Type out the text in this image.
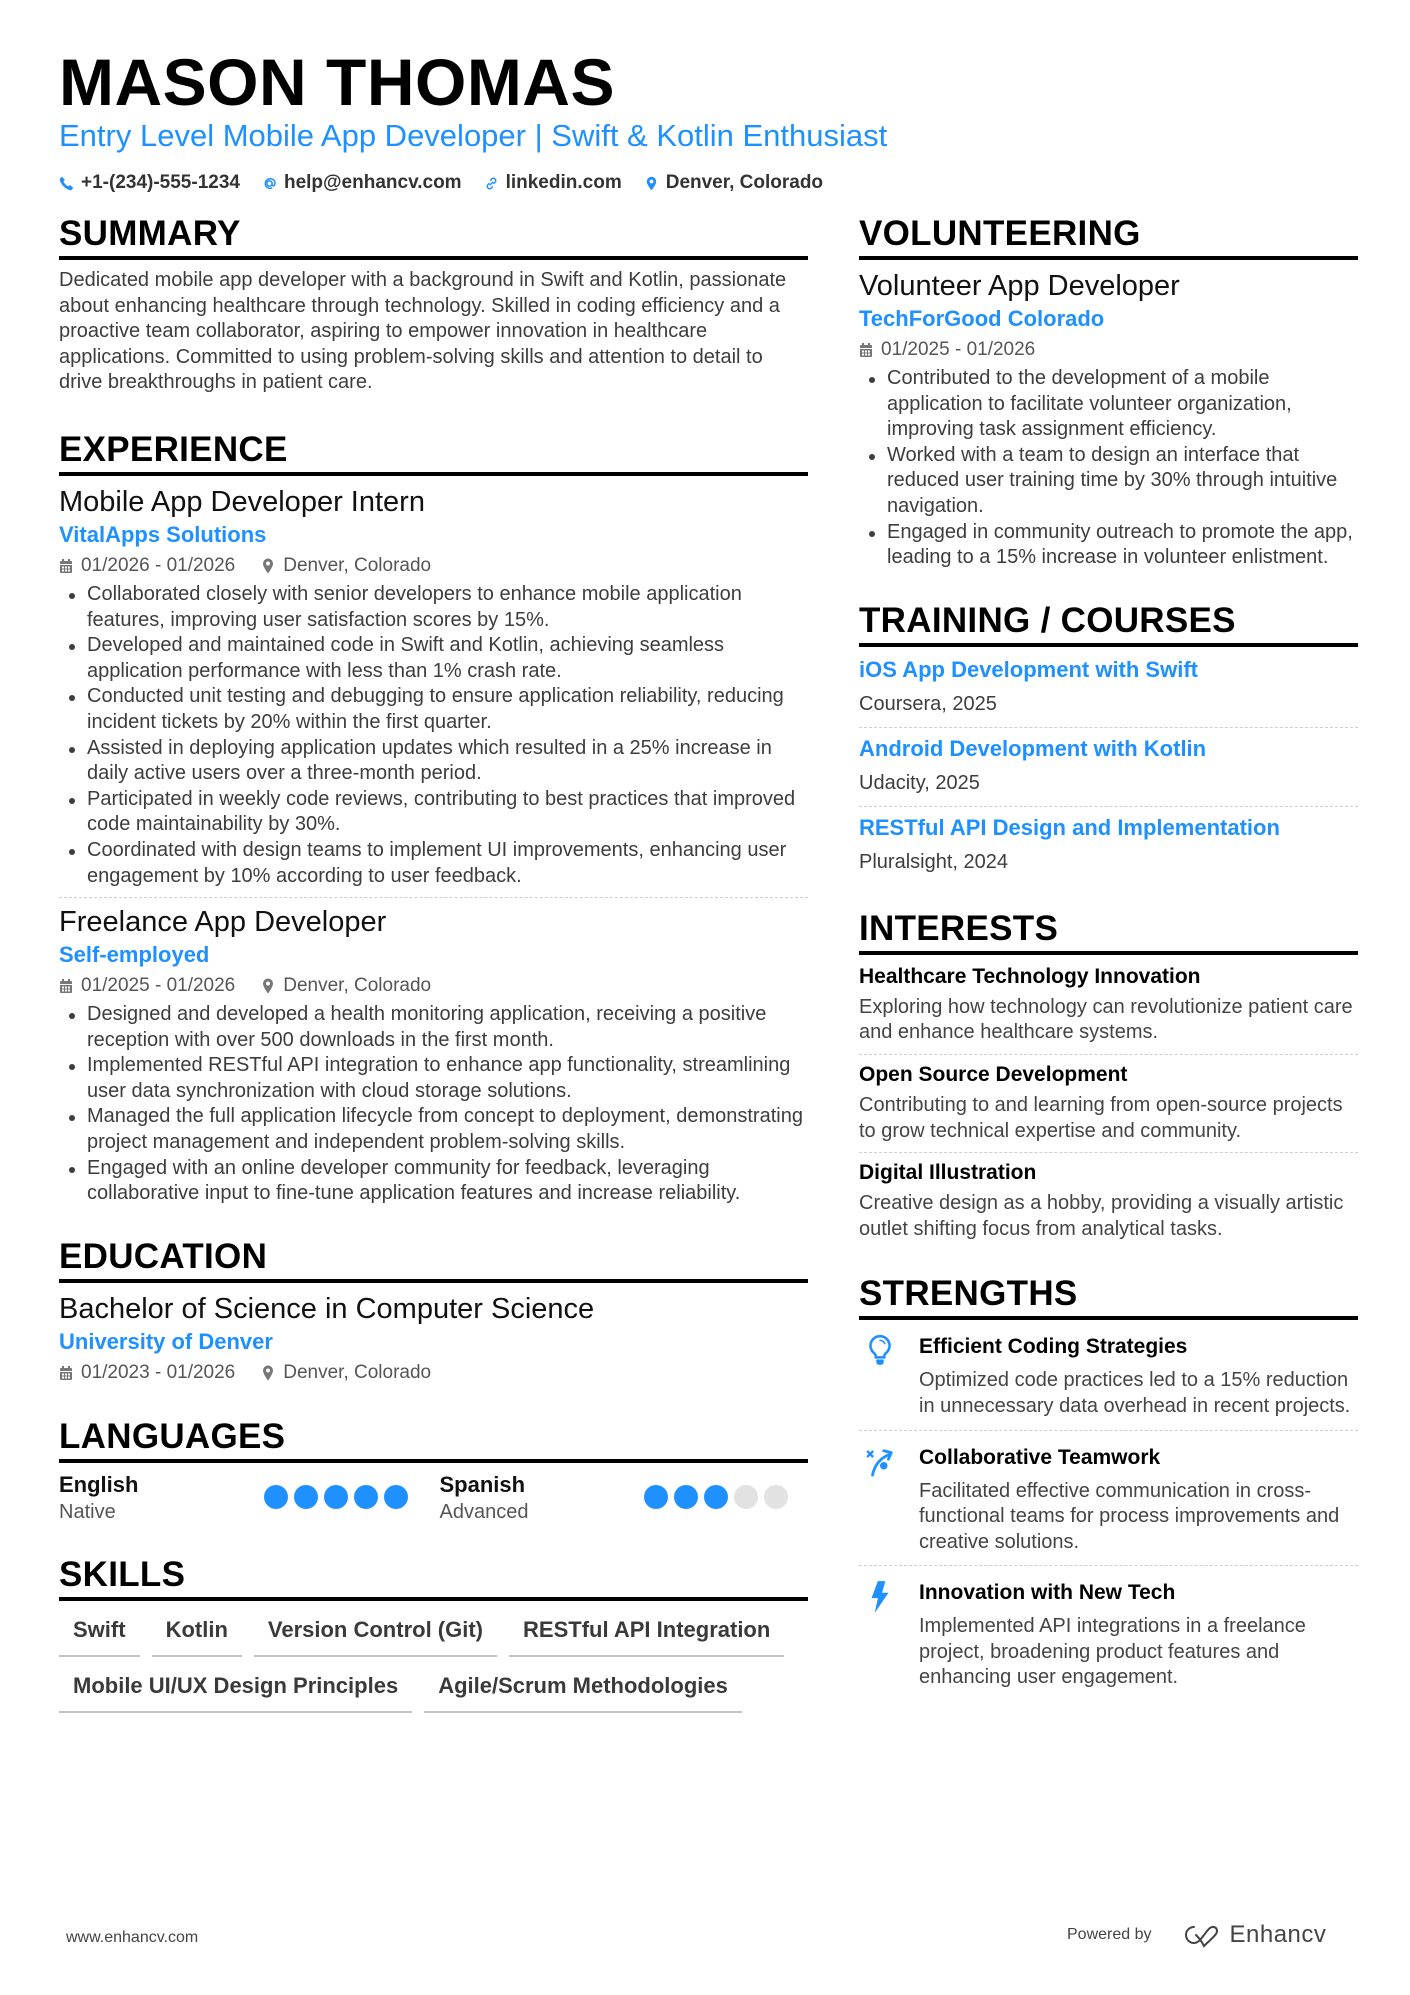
MASON THOMAS
Entry Level Mobile App Developer | Swift & Kotlin Enthusiast
+1-(234)-555-1234 help@enhancv.com linkedin.com Denver, Colorado
SUMMARY

Dedicated mobile app developer with a background in Swift and Kotlin, passionate about enhancing healthcare through technology. Skilled in coding efficiency and a proactive team collaborator, aspiring to empower innovation in healthcare applications. Committed to using problem-solving skills and attention to detail to drive breakthroughs in patient care.

EXPERIENCE
Mobile App Developer Intern
VitalApps Solutions
01/2026 - 01/2026	Denver, Colorado
Collaborated closely with senior developers to enhance mobile application features, improving user satisfaction scores by 15%.
Developed and maintained code in Swift and Kotlin, achieving seamless application performance with less than 1% crash rate.
Conducted unit testing and debugging to ensure application reliability, reducing incident tickets by 20% within the first quarter.
Assisted in deploying application updates which resulted in a 25% increase in daily active users over a three-month period.
Participated in weekly code reviews, contributing to best practices that improved code maintainability by 30%.
Coordinated with design teams to implement UI improvements, enhancing user engagement by 10% according to user feedback.
Freelance App Developer
Self-employed
01/2025 - 01/2026	Denver, Colorado
Designed and developed a health monitoring application, receiving a positive reception with over 500 downloads in the first month.
Implemented RESTful API integration to enhance app functionality, streamlining user data synchronization with cloud storage solutions.
Managed the full application lifecycle from concept to deployment, demonstrating project management and independent problem-solving skills.
Engaged with an online developer community for feedback, leveraging collaborative input to fine-tune application features and increase reliability.
EDUCATION
Bachelor of Science in Computer Science
University of Denver
01/2023 - 01/2026	Denver, Colorado
LANGUAGES
English
Native
Spanish
Advanced
SKILLS
Swift	Kotlin	Version Control (Git)	RESTful API Integration
Mobile UI/UX Design Principles	Agile/Scrum Methodologies
VOLUNTEERING
Volunteer App Developer
TechForGood Colorado
01/2025 - 01/2026
Contributed to the development of a mobile application to facilitate volunteer organization, improving task assignment efficiency.
Worked with a team to design an interface that reduced user training time by 30% through intuitive navigation.
Engaged in community outreach to promote the app, leading to a 15% increase in volunteer enlistment.
TRAINING / COURSES
iOS App Development with Swift
Coursera, 2025
Android Development with Kotlin
Udacity, 2025
RESTful API Design and Implementation
Pluralsight, 2024
INTERESTS
Healthcare Technology Innovation
Exploring how technology can revolutionize patient care and enhance healthcare systems.
Open Source Development
Contributing to and learning from open-source projects to grow technical expertise and community.
Digital Illustration
Creative design as a hobby, providing a visually artistic outlet shifting focus from analytical tasks.
STRENGTHS
Efficient Coding Strategies
Optimized code practices led to a 15% reduction in unnecessary data overhead in recent projects.
Collaborative Teamwork
Facilitated effective communication in cross-functional teams for process improvements and creative solutions.
Innovation with New Tech
Implemented API integrations in a freelance project, broadening product features and enhancing user engagement.
www.enhancv.com	Powered by	Enhancv
